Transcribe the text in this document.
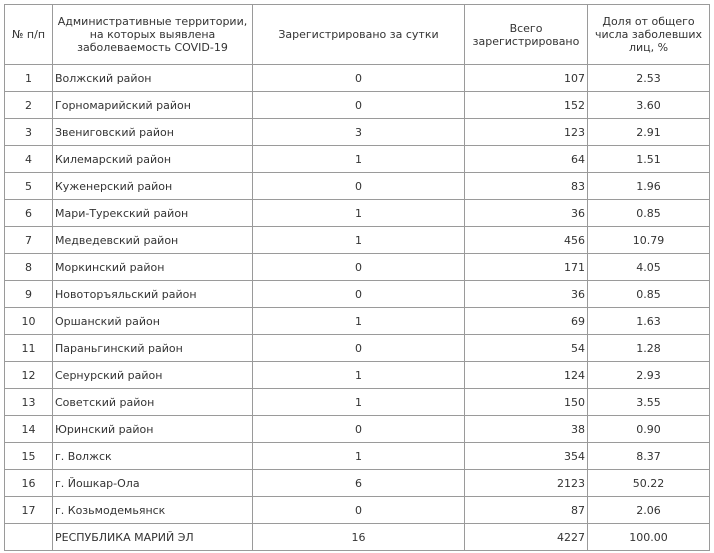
№ п/п	Административные территории, на которых выявлена заболеваемость COVID-19	Зарегистрировано за сутки	Всего зарегистрировано	Доля от общего числа заболевших лиц, %
1	Волжский район	0	107	2.53
2	Горномарийский район	0	152	3.60
3	Звениговский район	3	123	2.91
4	Килемарский район	1	64	1.51
5	Куженерский район	0	83	1.96
6	Мари-Турекский район	1	36	0.85
7	Медведевский район	1	456	10.79
8	Моркинский район	0	171	4.05
9	Новоторъяльский район	0	36	0.85
10	Оршанский район	1	69	1.63
11	Параньгинский район	0	54	1.28
12	Сернурский район	1	124	2.93
13	Советский район	1	150	3.55
14	Юринский район	0	38	0.90
15	г. Волжск	1	354	8.37
16	г. Йошкар-Ола	6	2123	50.22
17	г. Козьмодемьянск	0	87	2.06
	РЕСПУБЛИКА МАРИЙ ЭЛ	16	4227	100.00
